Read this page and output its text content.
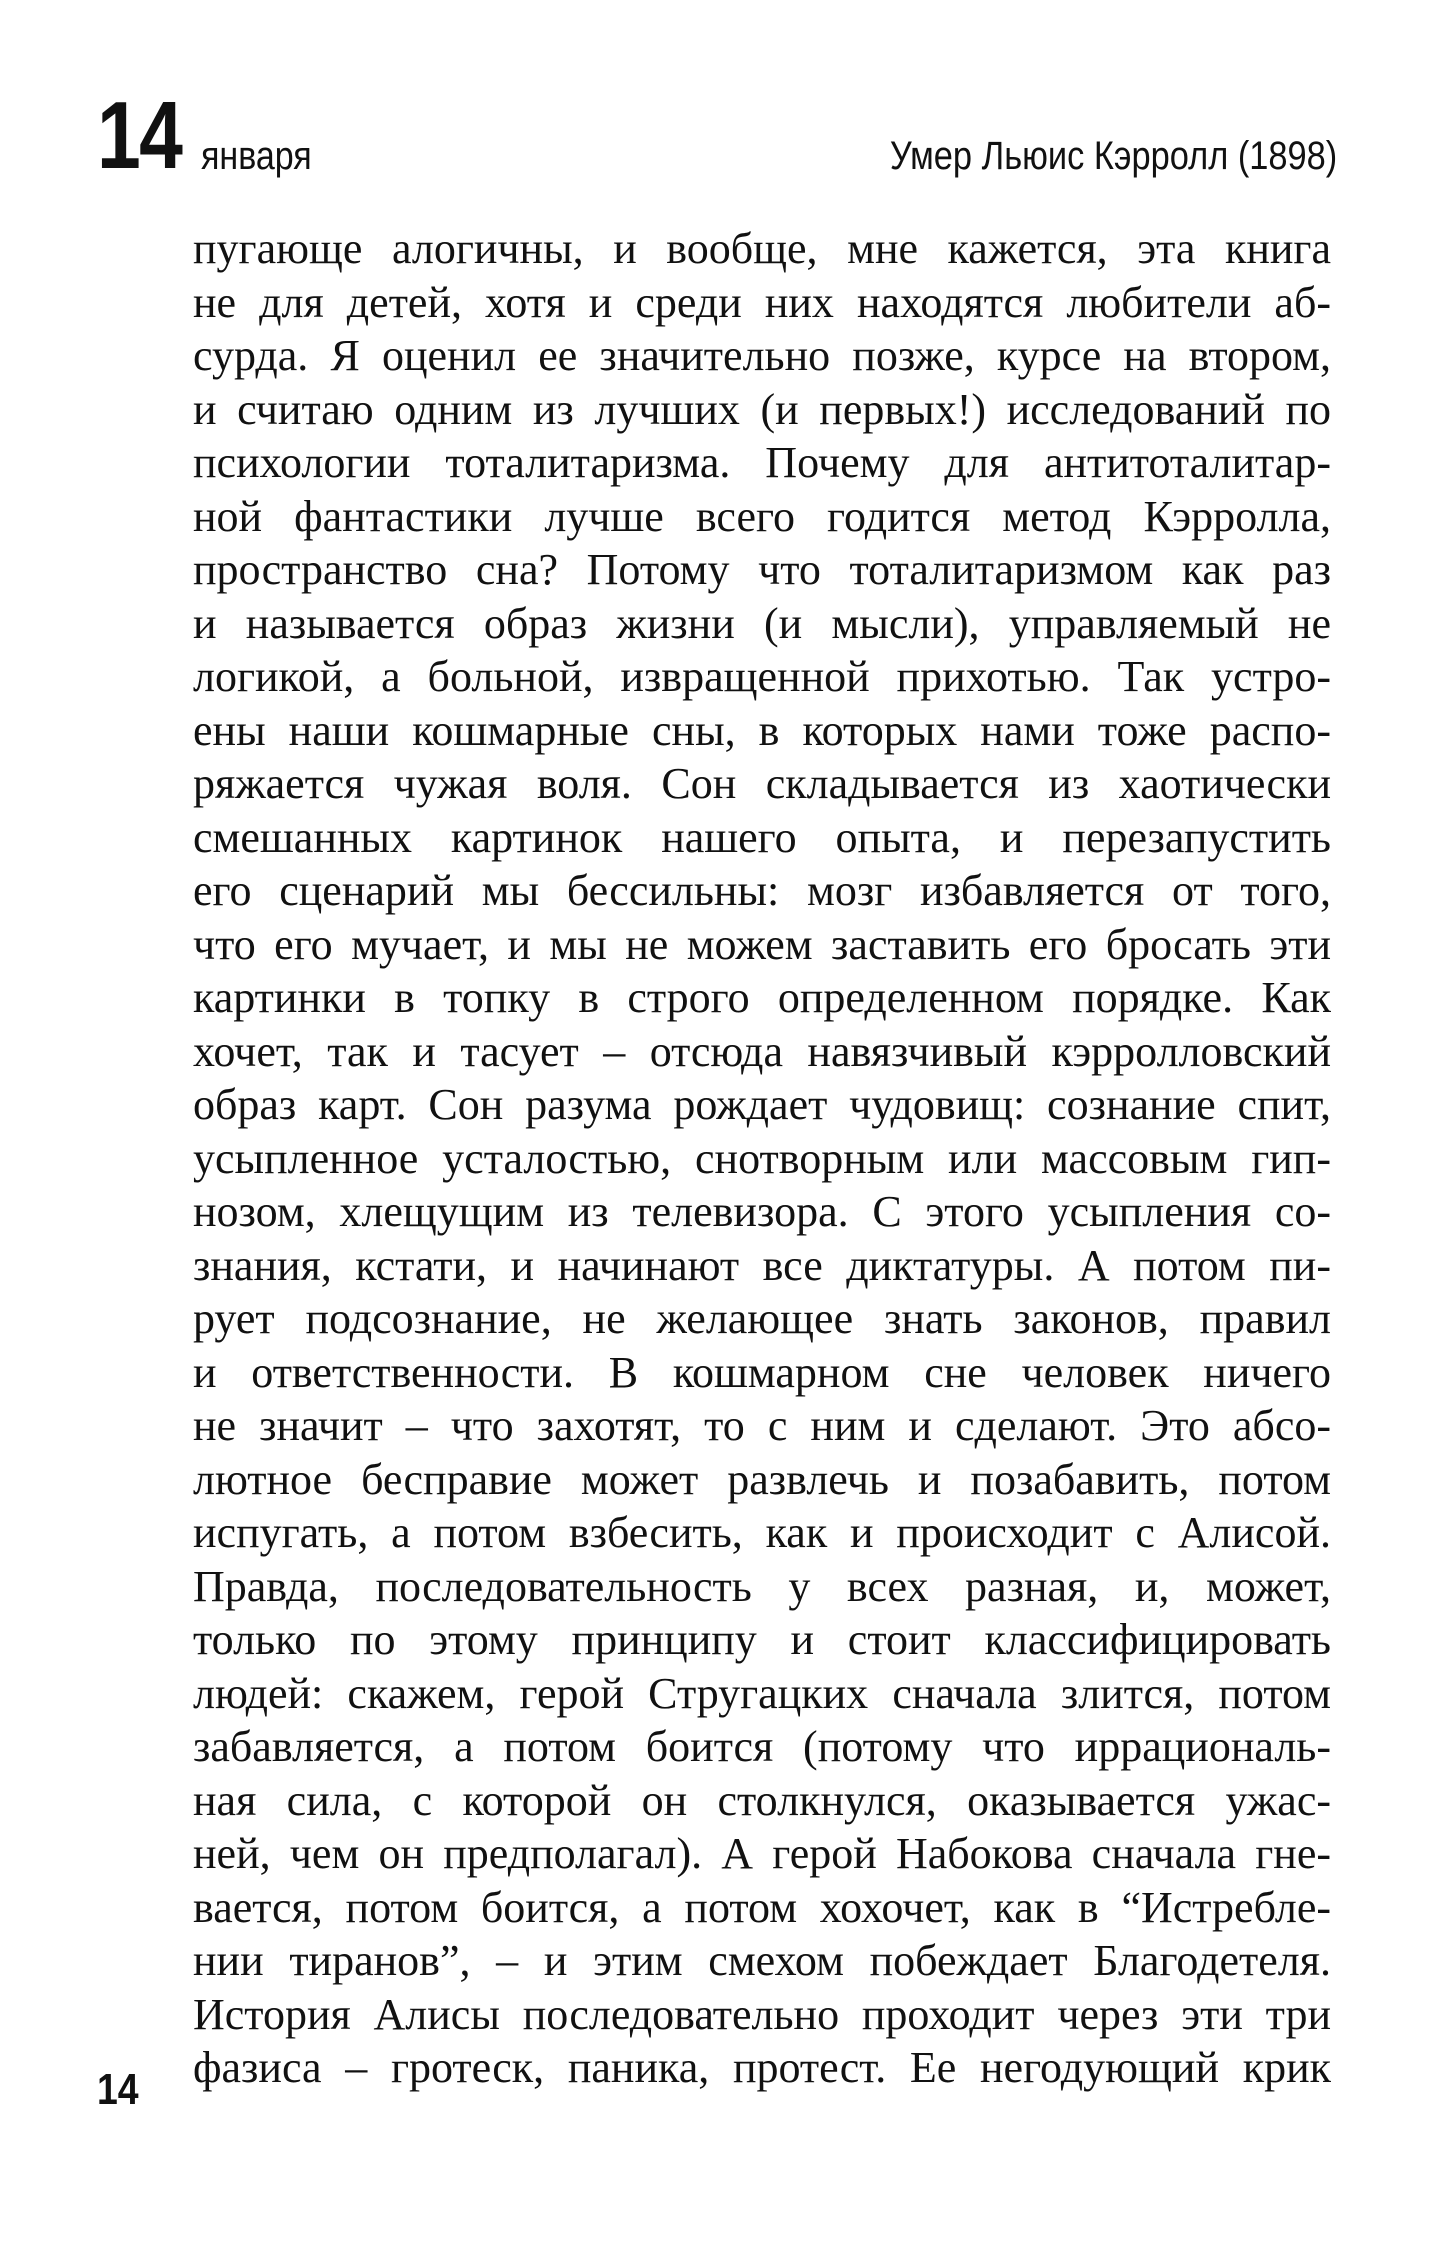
14 января	Умер Льюис Кэрролл (1898)
пугающе алогичны, и вообще, мне кажется, эта книга
не для детей, хотя и среди них находятся любители аб-
сурда. Я оценил ее значительно позже, курсе на втором,
и считаю одним из лучших (и первых!) исследований по
психологии тоталитаризма. Почему для антитоталитар-
ной фантастики лучше всего годится метод Кэрролла,
пространство сна? Потому что тоталитаризмом как раз
и называется образ жизни (и мысли), управляемый не
логикой, а больной, извращенной прихотью. Так устро-
ены наши кошмарные сны, в которых нами тоже распо-
ряжается чужая воля. Сон складывается из хаотически
смешанных картинок нашего опыта, и перезапустить
его сценарий мы бессильны: мозг избавляется от того,
что его мучает, и мы не можем заставить его бросать эти
картинки в топку в строго определенном порядке. Как
хочет, так и тасует – отсюда навязчивый кэрролловский
образ карт. Сон разума рождает чудовищ: сознание спит,
усыпленное усталостью, снотворным или массовым гип-
нозом, хлещущим из телевизора. С этого усыпления со-
знания, кстати, и начинают все диктатуры. А потом пи-
рует подсознание, не желающее знать законов, правил
и ответственности. В кошмарном сне человек ничего
не значит – что захотят, то с ним и сделают. Это абсо-
лютное бесправие может развлечь и позабавить, потом
испугать, а потом взбесить, как и происходит с Алисой.
Правда, последовательность у всех разная, и, может,
только по этому принципу и стоит классифицировать
людей: скажем, герой Стругацких сначала злится, потом
забавляется, а потом боится (потому что иррациональ-
ная сила, с которой он столкнулся, оказывается ужас-
ней, чем он предполагал). А герой Набокова сначала гне-
вается, потом боится, а потом хохочет, как в “Истребле-
нии тиранов”, – и этим смехом побеждает Благодетеля.
История Алисы последовательно проходит через эти три
фазиса – гротеск, паника, протест. Ее негодующий крик
14
